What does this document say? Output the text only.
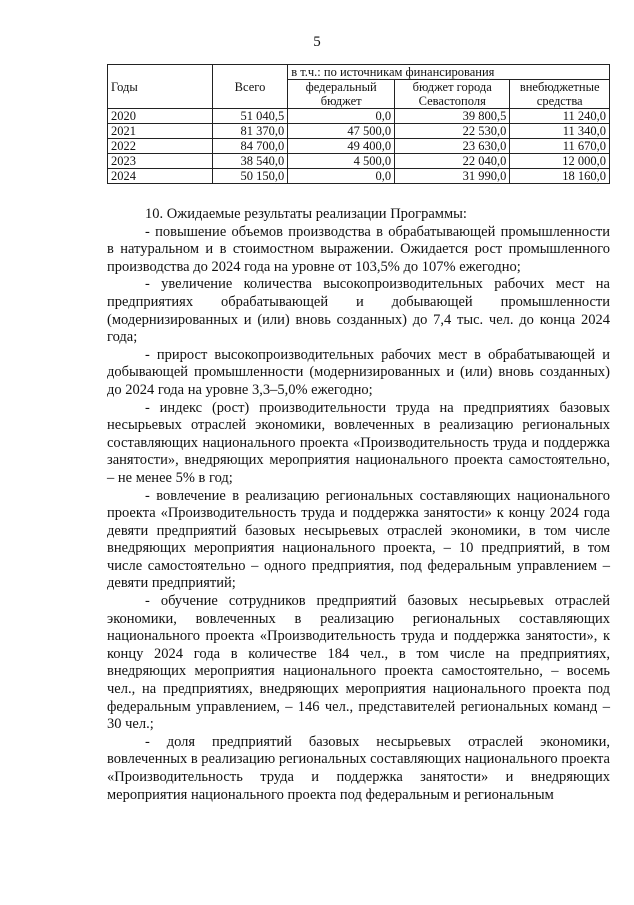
5
Годы	Всего	в т.ч.: по источникам финансирования		
		федеральный бюджет	бюджет города Севастополя	внебюджетные средства
2020	51 040,5	0,0	39 800,5	11 240,0
2021	81 370,0	47 500,0	22 530,0	11 340,0
2022	84 700,0	49 400,0	23 630,0	11 670,0
2023	38 540,0	4 500,0	22 040,0	12 000,0
2024	50 150,0	0,0	31 990,0	18 160,0

10. Ожидаемые результаты реализации Программы:

- повышение объемов производства в обрабатывающей промышленности в натуральном и в стоимостном выражении. Ожидается рост промышленного производства до 2024 года на уровне от 103,5% до 107% ежегодно;

- увеличение количества высокопроизводительных рабочих мест на предприятиях обрабатывающей и добывающей промышленности (модернизированных и (или) вновь созданных) до 7,4 тыс. чел. до конца 2024 года;

- прирост высокопроизводительных рабочих мест в обрабатывающей и добывающей промышленности (модернизированных и (или) вновь созданных) до 2024 года на уровне 3,3–5,0% ежегодно;

- индекс (рост) производительности труда на предприятиях базовых несырьевых отраслей экономики, вовлеченных в реализацию региональных составляющих национального проекта «Производительность труда и поддержка занятости», внедряющих мероприятия национального проекта самостоятельно, – не менее 5% в год;

- вовлечение в реализацию региональных составляющих национального проекта «Производительность труда и поддержка занятости» к концу 2024 года девяти предприятий базовых несырьевых отраслей экономики, в том числе внедряющих мероприятия национального проекта, – 10 предприятий, в том числе самостоятельно – одного предприятия, под федеральным управлением – девяти предприятий;

- обучение сотрудников предприятий базовых несырьевых отраслей экономики, вовлеченных в реализацию региональных составляющих национального проекта «Производительность труда и поддержка занятости», к концу 2024 года в количестве 184 чел., в том числе на предприятиях, внедряющих мероприятия национального проекта самостоятельно, – восемь чел., на предприятиях, внедряющих мероприятия национального проекта под федеральным управлением, – 146 чел., представителей региональных команд – 30 чел.;

- доля предприятий базовых несырьевых отраслей экономики, вовлеченных в реализацию региональных составляющих национального проекта «Производительность труда и поддержка занятости» и внедряющих мероприятия национального проекта под федеральным и региональным
